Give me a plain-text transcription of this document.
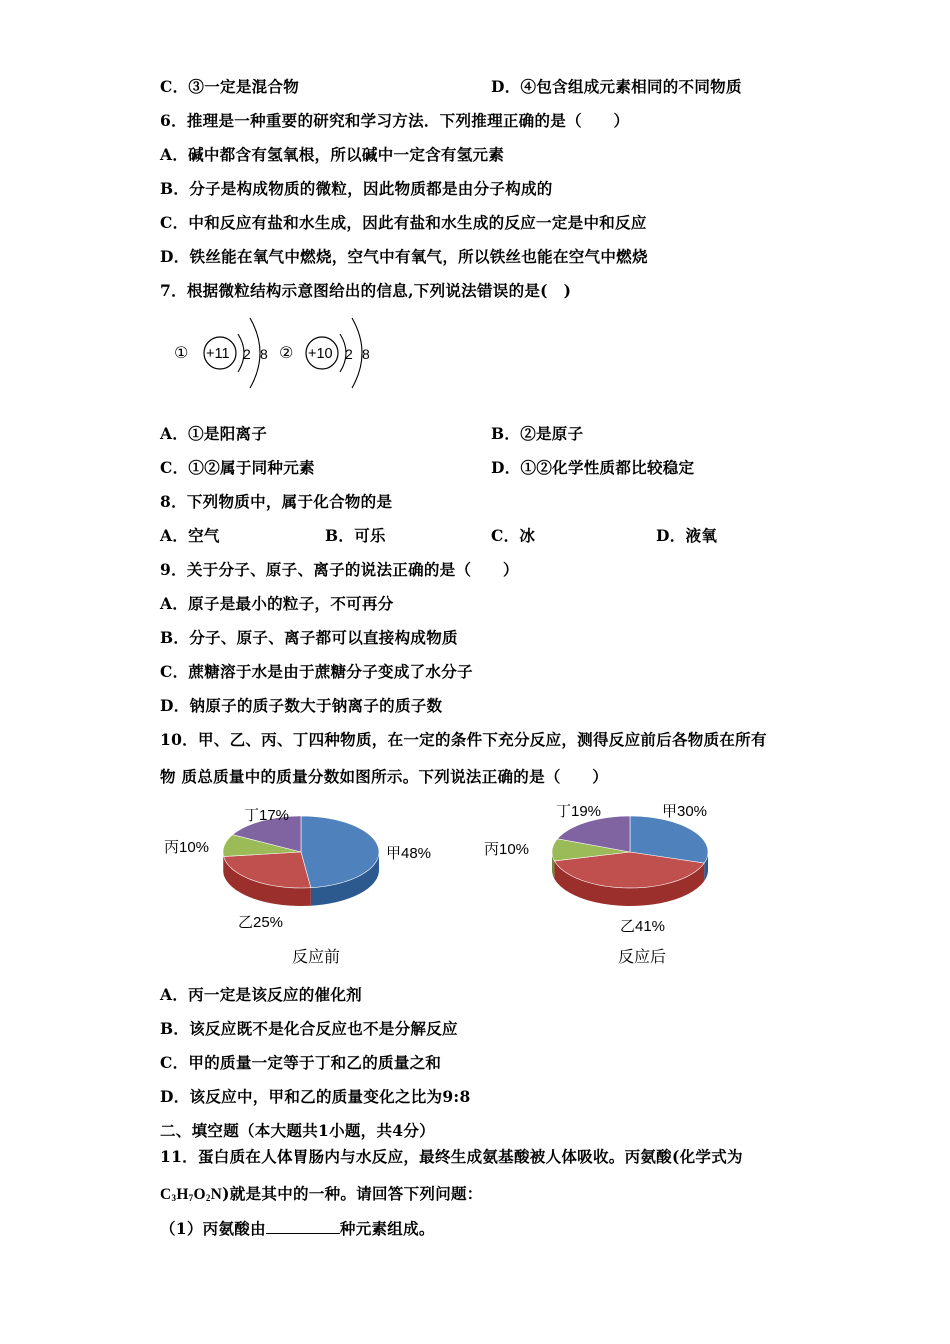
C．③一定是混合物	D．④包含组成元素相同的不同物质
6．推理是一种重要的研究和学习方法．下列推理正确的是（　　）
A．碱中都含有氢氧根，所以碱中一定含有氢元素
B．分子是构成物质的微粒，因此物质都是由分子构成的
C．中和反应有盐和水生成，因此有盐和水生成的反应一定是中和反应
D．铁丝能在氧气中燃烧，空气中有氧气，所以铁丝也能在空气中燃烧
7．根据微粒结构示意图给出的信息,下列说法错误的是(　)
① +11 2 8 ② +10 2 8
A．①是阳离子	B．②是原子
C．①②属于同种元素	D．①②化学性质都比较稳定
8．下列物质中，属于化合物的是
A．空气	B．可乐	C．冰	D．液氧
9．关于分子、原子、离子的说法正确的是（　　）
A．原子是最小的粒子，不可再分
B．分子、原子、离子都可以直接构成物质
C．蔗糖溶于水是由于蔗糖分子变成了水分子
D．钠原子的质子数大于钠离子的质子数
10．甲、乙、丙、丁四种物质，在一定的条件下充分反应，测得反应前后各物质在所有
物 质总质量中的质量分数如图所示。下列说法正确的是（　　）
甲48%
乙25%
丙10%
丁17%	甲30%
乙41%
丙10%
丁19%
反应前	反应后
A．丙一定是该反应的催化剂
B．该反应既不是化合反应也不是分解反应
C．甲的质量一定等于丁和乙的质量之和
D．该反应中，甲和乙的质量变化之比为9:8
二、填空题（本大题共1小题，共4分）
11．蛋白质在人体胃肠内与水反应，最终生成氨基酸被人体吸收。丙氨酸(化学式为
$C_3H_7O_2N$)就是其中的一种。请回答下列问题：
（1）丙氨酸由	种元素组成。
